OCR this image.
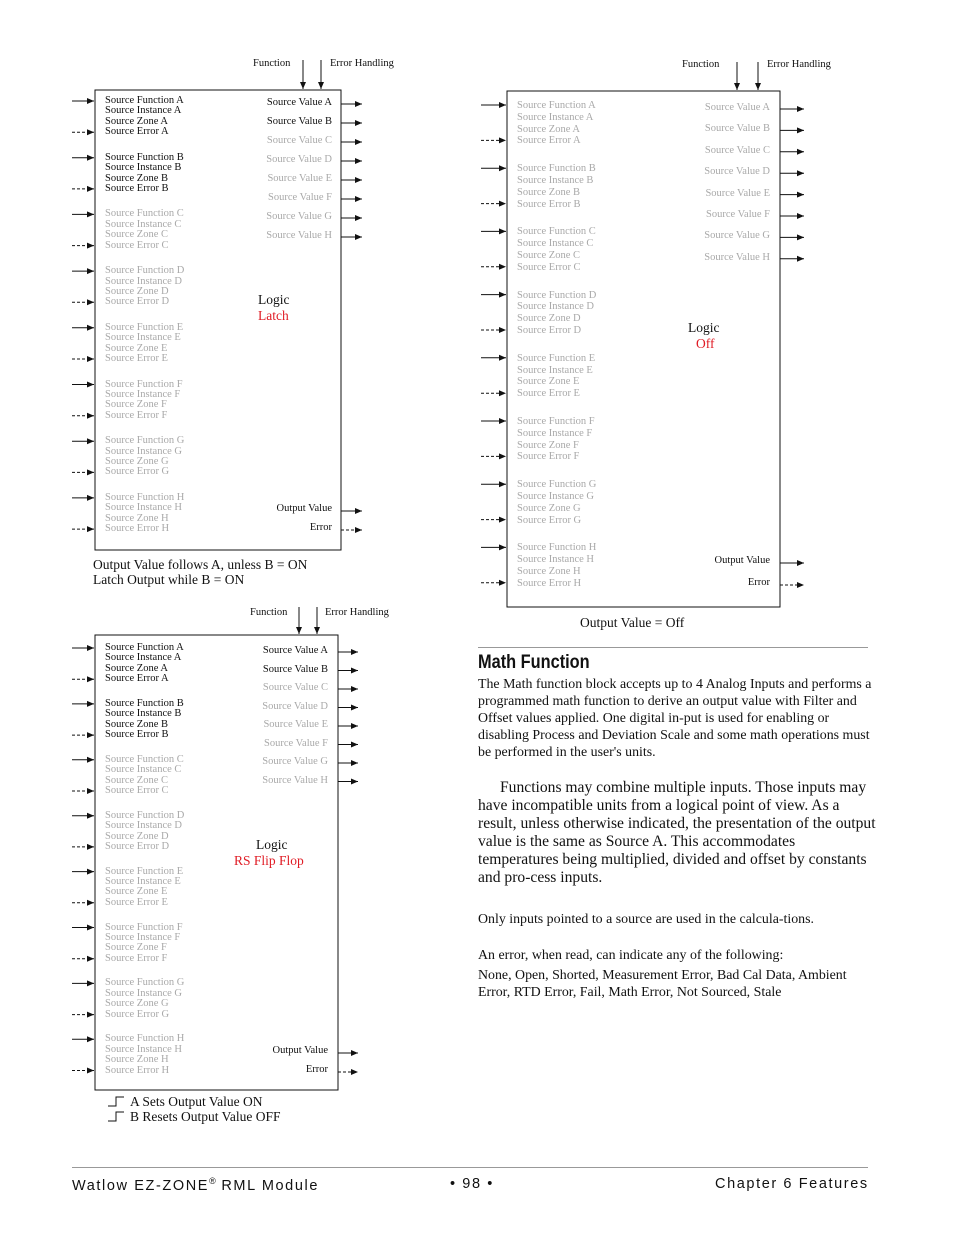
Function	Error Handling
Source Function A
Source Instance A
Source Zone A
Source Error A
Source Function B
Source Instance B
Source Zone B
Source Error B
Source Function C
Source Instance C
Source Zone C
Source Error C
Source Function D
Source Instance D
Source Zone D
Source Error D
Source Function E
Source Instance E
Source Zone E
Source Error E
Source Function F
Source Instance F
Source Zone F
Source Error F
Source Function G
Source Instance G
Source Zone G
Source Error G
Source Function H
Source Instance H
Source Zone H
Source Error H
Source Value A
Source Value B
Source Value C
Source Value D
Source Value E
Source Value F
Source Value G
Source Value H
Logic
Latch
Output Value
Error
Output Value follows A, unless B = ON
Latch Output while B = ON
Function	Error Handling
Source Function A
Source Instance A
Source Zone A
Source Error A
Source Function B
Source Instance B
Source Zone B
Source Error B
Source Function C
Source Instance C
Source Zone C
Source Error C
Source Function D
Source Instance D
Source Zone D
Source Error D
Source Function E
Source Instance E
Source Zone E
Source Error E
Source Function F
Source Instance F
Source Zone F
Source Error F
Source Function G
Source Instance G
Source Zone G
Source Error G
Source Function H
Source Instance H
Source Zone H
Source Error H
Source Value A
Source Value B
Source Value C
Source Value D
Source Value E
Source Value F
Source Value G
Source Value H
Logic
Off
Output Value
Error
Output Value = Off
Function	Error Handling
Source Function A
Source Instance A
Source Zone A
Source Error A
Source Function B
Source Instance B
Source Zone B
Source Error B
Source Function C
Source Instance C
Source Zone C
Source Error C
Source Function D
Source Instance D
Source Zone D
Source Error D
Source Function E
Source Instance E
Source Zone E
Source Error E
Source Function F
Source Instance F
Source Zone F
Source Error F
Source Function G
Source Instance G
Source Zone G
Source Error G
Source Function H
Source Instance H
Source Zone H
Source Error H
Source Value A
Source Value B
Source Value C
Source Value D
Source Value E
Source Value F
Source Value G
Source Value H
Logic
RS Flip Flop
Output Value
Error
A Sets Output Value ON
B Resets Output Value OFF
Math Function
The Math function block accepts up to 4 Analog Inputs and performs a programmed math function to derive an output value with Filter and Offset values applied. One digital in-put is used for enabling or disabling Process and Deviation Scale and some math operations must be performed in the user's units.
Functions may combine multiple inputs. Those inputs may have incompatible units from a logical point of view. As a result, unless otherwise indicated, the presentation of the output value is the same as Source A. This accommodates temperatures being multiplied, divided and offset by constants and pro-cess inputs.
Only inputs pointed to a source are used in the calcula-tions.
An error, when read, can indicate any of the following:
None, Open, Shorted, Measurement Error, Bad Cal Data, Ambient Error, RTD Error, Fail, Math Error, Not Sourced, Stale
Watlow EZ-ZONE® RML Module	• 98 •	Chapter 6 Features
